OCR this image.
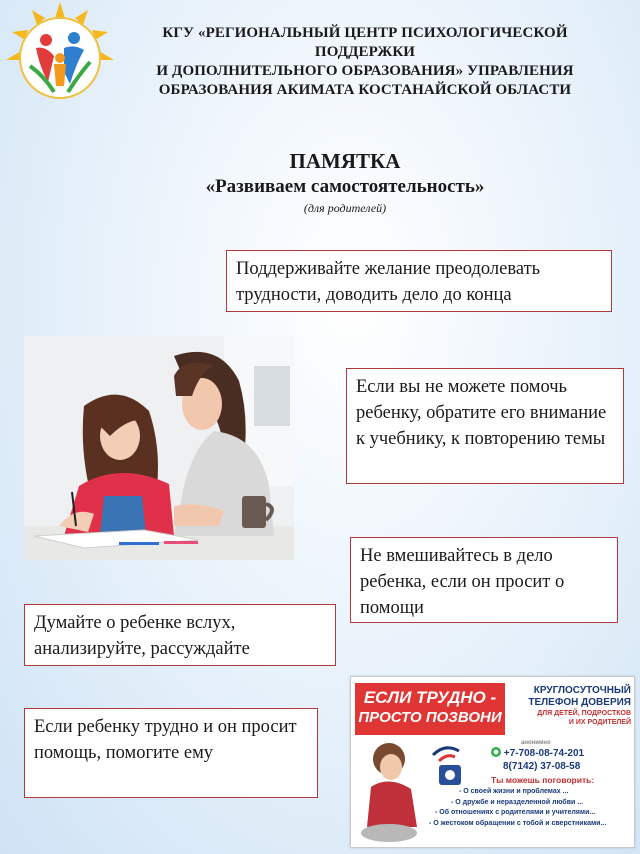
КГУ «РЕГИОНАЛЬНЫЙ ЦЕНТР ПСИХОЛОГИЧЕСКОЙ
ПОДДЕРЖКИ
И ДОПОЛНИТЕЛЬНОГО ОБРАЗОВАНИЯ» УПРАВЛЕНИЯ
ОБРАЗОВАНИЯ АКИМАТА КОСТАНАЙСКОЙ ОБЛАСТИ
ПАМЯТКА
«Развиваем самостоятельность»
(для родителей)
Поддерживайте желание преодолевать трудности, доводить дело до конца
Если вы не можете помочь ребенку, обратите его внимание к учебнику, к повторению темы
Не вмешивайтесь в дело ребенка, если он просит о помощи
Думайте о ребенке вслух, анализируйте, рассуждайте
Если ребенку трудно и он просит помощь, помогите ему
ЕСЛИ ТРУДНО -
ПРОСТО ПОЗВОНИ
КРУГЛОСУТОЧНЫЙ
ТЕЛЕФОН ДОВЕРИЯ
ДЛЯ ДЕТЕЙ, ПОДРОСТКОВ
И ИХ РОДИТЕЛЕЙ
анонимно
+7-708-08-74-201
8(7142) 37-08-58
Ты можешь поговорить:
- О своей жизни и проблемах ...
- О дружбе и неразделенной любви ...
- Об отношениях с родителями и учителями...
- О жестоком обращении с тобой и сверстниками...
